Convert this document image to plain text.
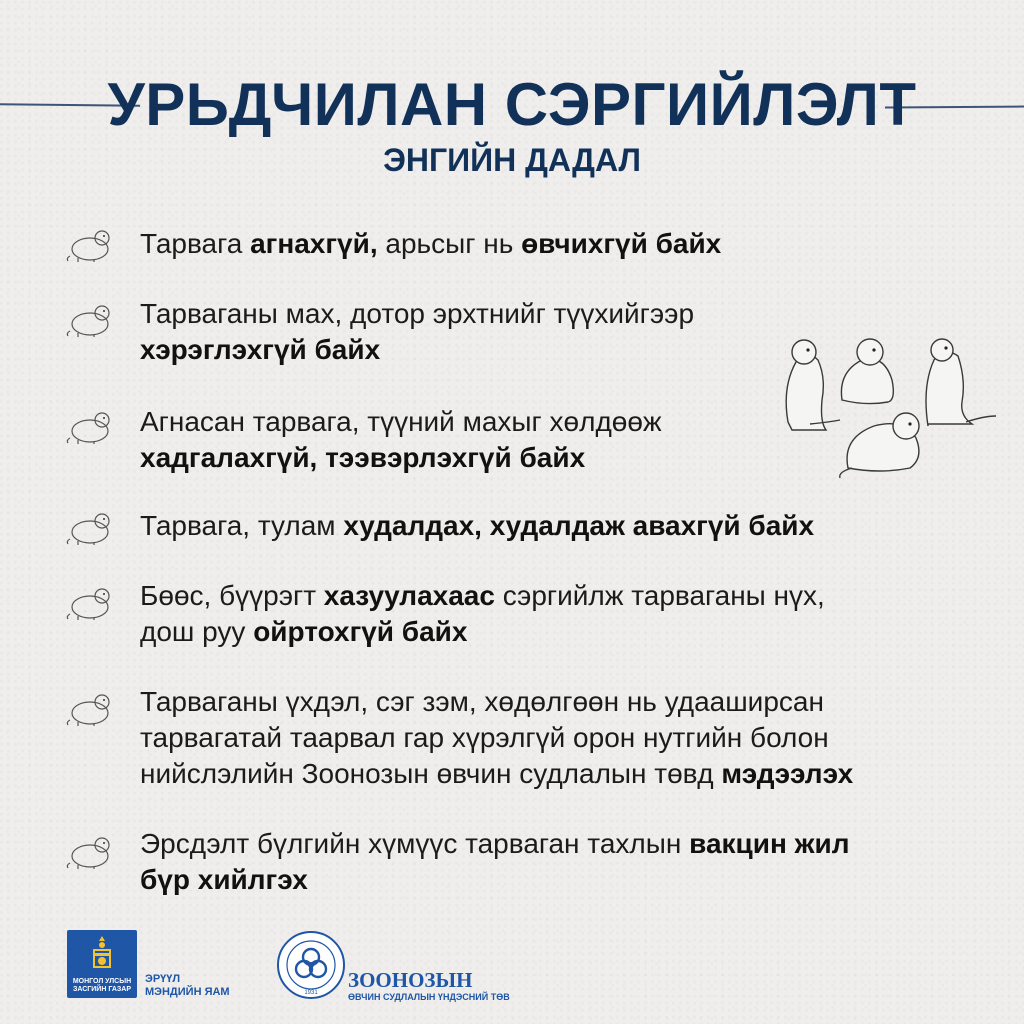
УРЬДЧИЛАН СЭРГИЙЛЭЛТ
ЭНГИЙН ДАДАЛ
Тарвага агнахгүй, арьсыг нь өвчихгүй байх
Тарваганы мах, дотор эрхтнийг түүхийгээр
хэрэглэхгүй байх
Агнасан тарвага, түүний махыг хөлдөөж
хадгалахгүй, тээвэрлэхгүй байх
Тарвага, тулам худалдах, худалдаж авахгүй байх
Бөөс, бүүрэгт хазуулахаас сэргийлж тарваганы нүх,
дош руу ойртохгүй байх
Тарваганы үхдэл, сэг зэм, хөдөлгөөн нь удааширсан
тарвагатай таарвал гар хүрэлгүй орон нутгийн болон
нийслэлийн Зоонозын өвчин судлалын төвд мэдээлэх
Эрсдэлт бүлгийн хүмүүс тарваган тахлын вакцин жил
бүр хийлгэх
МОНГОЛ УЛСЫН
ЗАСГИЙН ГАЗАР
ЭРҮҮЛ
МЭНДИЙН ЯАМ	1931
ЗООНОЗЫН
ӨВЧИН СУДЛАЛЫН ҮНДЭСНИЙ ТӨВ
